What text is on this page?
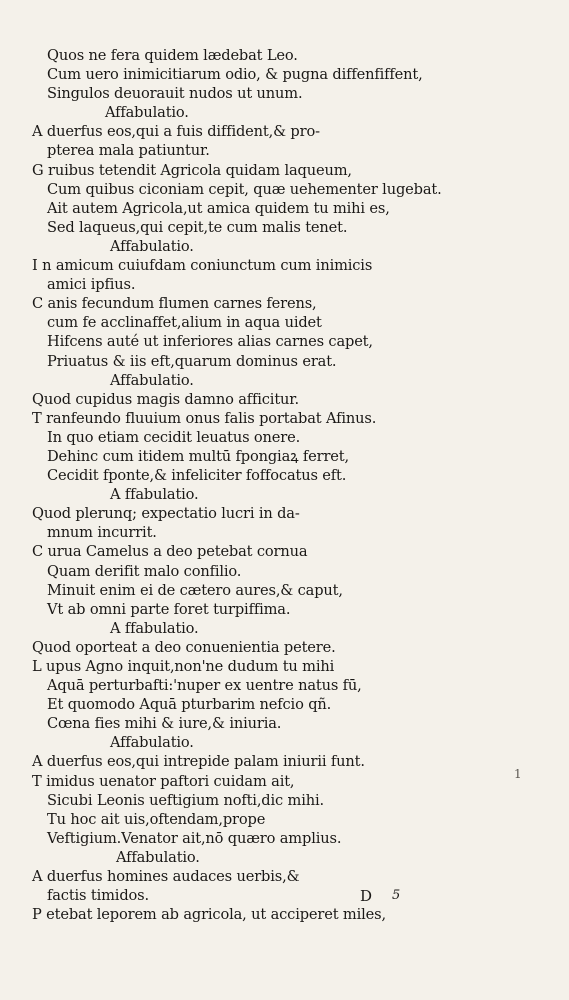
Quos ne fera quidem lædebat Leo.
Cum uero inimicitiarum odio, & pugna diffenfiffent,
Singulos deuorauit nudos ut unum.
Affabulatio.
A duerfus eos,qui a fuis diffident,& pro-
pterea mala patiuntur.
G ruibus tetendit Agricola quidam laqueum,
Cum quibus ciconiam cepit, quæ uehementer lugebat.
Ait autem Agricola,ut amica quidem tu mihi es,
Sed laqueus,qui cepit,te cum malis tenet.
Affabulatio.
I n amicum cuiufdam coniunctum cum inimicis
amici ipfius.
C anis fecundum flumen carnes ferens,
cum fe acclinaffet,alium in aqua uidet
Hifcens auté ut inferiores alias carnes capet,
Priuatus & iis eft,quarum dominus erat.
Affabulatio.
Quod cupidus magis damno afficitur.
T ranfeundo fluuium onus falis portabat Afinus.
In quo etiam cecidit leuatus onere.
Dehinc cum itidem multū fpongiaꝝ ferret,
Cecidit fponte,& infeliciter foffocatus eft.
A ffabulatio.
Quod plerunq; expectatio lucri in da-
mnum incurrit.
C urua Camelus a deo petebat cornua
Quam derifit malo confilio.
Minuit enim ei de cætero aures,& caput,
Vt ab omni parte foret turpiffima.
A ffabulatio.
Quod oporteat a deo conuenientia petere.
L upus Agno inquit,non'ne dudum tu mihi
Aquā perturbafti:'nuper ex uentre natus fū,
Et quomodo Aquā pturbarim nefcio qñ.
Cœna fies mihi & iure,& iniuria.
Affabulatio.
A duerfus eos,qui intrepide palam iniurii funt.
T imidus uenator paftori cuidam ait,
Sicubi Leonis ueftigium nofti,dic mihi.
Tu hoc ait uis,oftendam,prope
Veftigium.Venator ait,nō quæro amplius.
Affabulatio.
A duerfus homines audaces uerbis,&
factis timidos.
P etebat leporem ab agricola, ut acciperet miles,
1
D 5
